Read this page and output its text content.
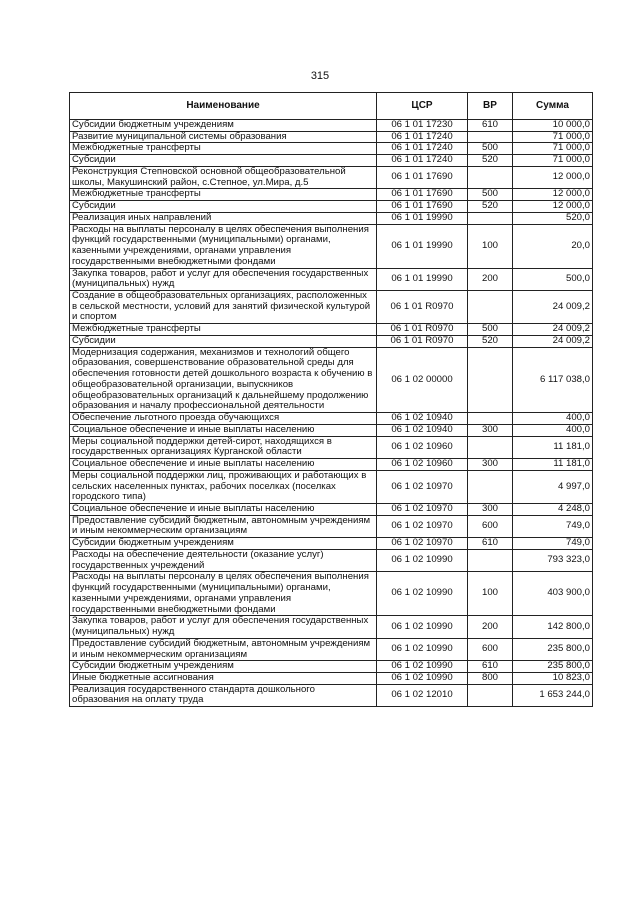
315
Наименование	ЦСР	ВР	Сумма
Субсидии бюджетным учреждениям	06 1 01 17230	610	10 000,0
Развитие муниципальной системы образования	06 1 01 17240		71 000,0
Межбюджетные трансферты	06 1 01 17240	500	71 000,0
Субсидии	06 1 01 17240	520	71 000,0
Реконструкция Степновской основной общеобразовательной школы, Макушинский район, с.Степное, ул.Мира, д.5	06 1 01 17690		12 000,0
Межбюджетные трансферты	06 1 01 17690	500	12 000,0
Субсидии	06 1 01 17690	520	12 000,0
Реализация иных направлений	06 1 01 19990		520,0
Расходы на выплаты персоналу в целях обеспечения выполнения функций государственными (муниципальными) органами, казенными учреждениями, органами управления государственными внебюджетными фондами	06 1 01 19990	100	20,0
Закупка товаров, работ и услуг для обеспечения государственных (муниципальных) нужд	06 1 01 19990	200	500,0
Создание в общеобразовательных организациях, расположенных в сельской местности, условий для занятий физической культурой и спортом	06 1 01 R0970		24 009,2
Межбюджетные трансферты	06 1 01 R0970	500	24 009,2
Субсидии	06 1 01 R0970	520	24 009,2
Модернизация содержания, механизмов и технологий общего образования, совершенствование образовательной среды для обеспечения готовности детей дошкольного возраста к обучению в общеобразовательной организации, выпускников общеобразовательных организаций к дальнейшему продолжению образования и началу профессиональной деятельности	06 1 02 00000		6 117 038,0
Обеспечение льготного проезда обучающихся	06 1 02 10940		400,0
Социальное обеспечение и иные выплаты населению	06 1 02 10940	300	400,0
Меры социальной поддержки детей-сирот, находящихся в государственных организациях Курганской области	06 1 02 10960		11 181,0
Социальное обеспечение и иные выплаты населению	06 1 02 10960	300	11 181,0
Меры социальной поддержки лиц, проживающих и работающих в сельских населенных пунктах, рабочих поселках (поселках городского типа)	06 1 02 10970		4 997,0
Социальное обеспечение и иные выплаты населению	06 1 02 10970	300	4 248,0
Предоставление субсидий бюджетным, автономным учреждениям и иным некоммерческим организациям	06 1 02 10970	600	749,0
Субсидии бюджетным учреждениям	06 1 02 10970	610	749,0
Расходы на обеспечение деятельности (оказание услуг) государственных учреждений	06 1 02 10990		793 323,0
Расходы на выплаты персоналу в целях обеспечения выполнения функций государственными (муниципальными) органами, казенными учреждениями, органами управления государственными внебюджетными фондами	06 1 02 10990	100	403 900,0
Закупка товаров, работ и услуг для обеспечения государственных (муниципальных) нужд	06 1 02 10990	200	142 800,0
Предоставление субсидий бюджетным, автономным учреждениям и иным некоммерческим организациям	06 1 02 10990	600	235 800,0
Субсидии бюджетным учреждениям	06 1 02 10990	610	235 800,0
Иные бюджетные ассигнования	06 1 02 10990	800	10 823,0
Реализация государственного стандарта дошкольного образования на оплату труда	06 1 02 12010		1 653 244,0
